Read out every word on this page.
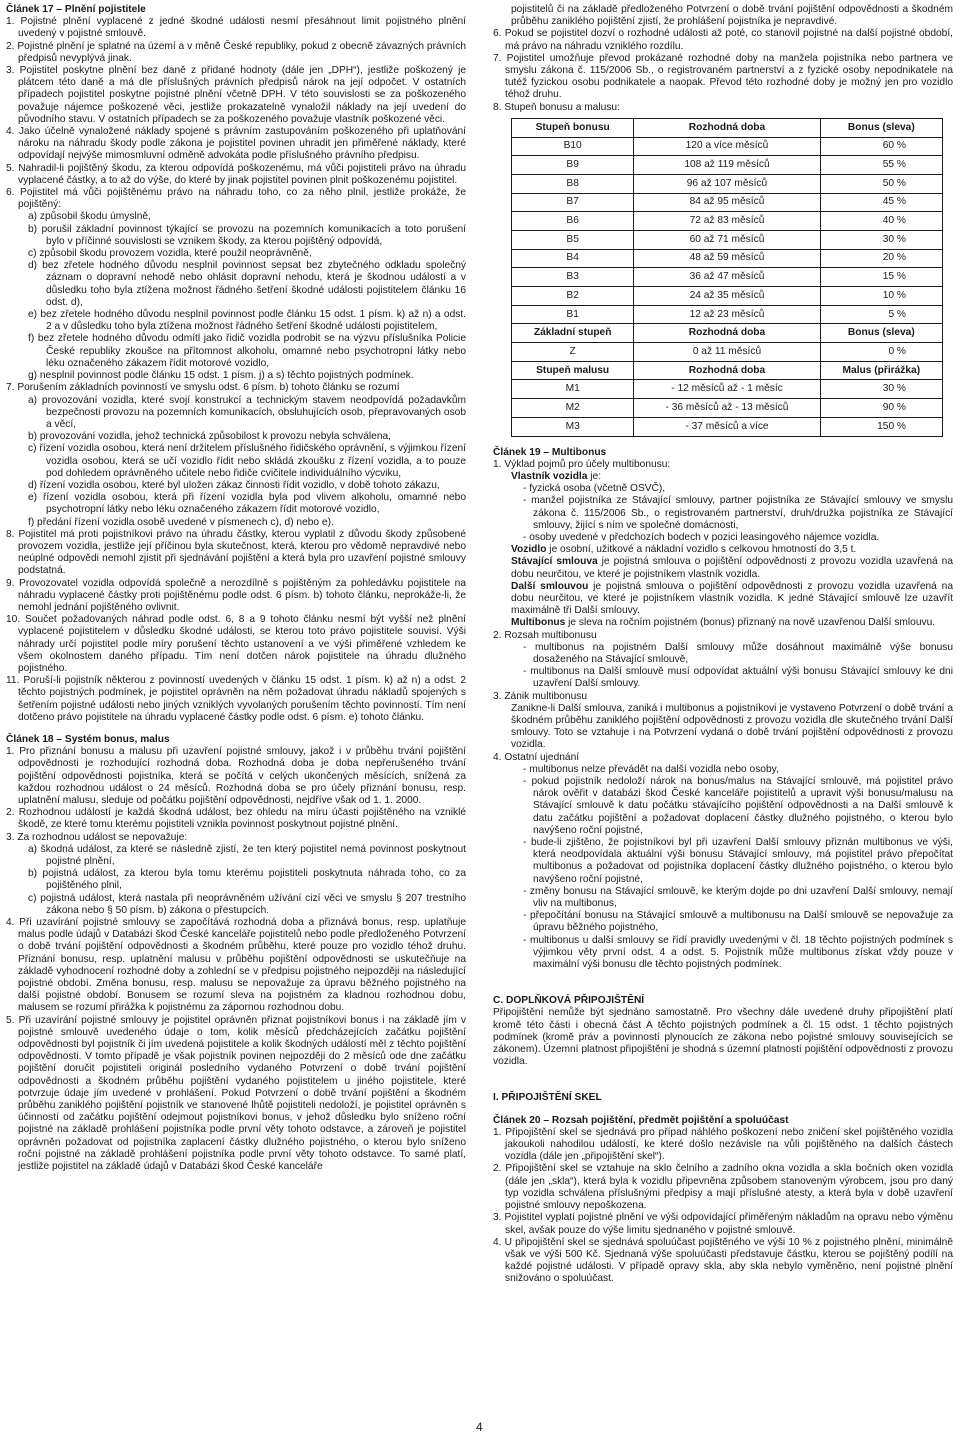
Článek 17 – Plnění pojistitele

1. Pojistné plnění vyplacené z jedné škodné události nesmí přesáhnout limit pojistného plnění uvedený v pojistné smlouvě.

2. Pojistné plnění je splatné na území a v měně České republiky, pokud z obecně závazných právních předpisů nevyplývá jinak.

3. Pojistitel poskytne plnění bez daně z přidané hodnoty (dále jen „DPH“), jestliže poškozený je plátcem této daně a má dle příslušných právních předpisů nárok na její odpočet. V ostatních případech pojistitel poskytne pojistné plnění včetně DPH. V této souvislosti se za poškozeného považuje nájemce poškozené věci, jestliže prokazatelně vynaložil náklady na její uvedení do původního stavu. V ostatních případech se za poškozeného považuje vlastník poškozené věci.

4. Jako účelně vynaložené náklady spojené s právním zastupováním poškozeného při uplatňování nároku na náhradu škody podle zákona je pojistitel povinen uhradit jen přiměřené náklady, které odpovídají nejvýše mimosmluvní odměně advokáta podle příslušného právního předpisu.

5. Nahradil-li pojištěný škodu, za kterou odpovídá poškozenému, má vůči pojistiteli právo na úhradu vyplacené částky, a to až do výše, do které by jinak pojistitel povinen plnit poškozenému pojistitel.

6. Pojistitel má vůči pojištěnému právo na náhradu toho, co za něho plnil, jestliže prokáže, že pojištěný:

a) způsobil škodu úmyslně,

b) porušil základní povinnost týkající se provozu na pozemních komunikacích a toto porušení bylo v příčinné souvislosti se vznikem škody, za kterou pojištěný odpovídá,

c) způsobil škodu provozem vozidla, které použil neoprávněně,

d) bez zřetele hodného důvodu nesplnil povinnost sepsat bez zbytečného odkladu společný záznam o dopravní nehodě nebo ohlásit dopravní nehodu, která je škodnou událostí a v důsledku toho byla ztížena možnost řádného šetření škodné události pojistitelem článku 16 odst. d),

e) bez zřetele hodného důvodu nesplnil povinnost podle článku 15 odst. 1 písm. k) až n) a odst. 2 a v důsledku toho byla ztížena možnost řádného šetření škodné události pojistitelem,

f) bez zřetele hodného důvodu odmítl jako řidič vozidla podrobit se na výzvu příslušníka Policie České republiky zkoušce na přítomnost alkoholu, omamné nebo psychotropní látky nebo léku označeného zákazem řídit motorové vozidlo,

g) nesplnil povinnost podle článku 15 odst. 1 písm. j) a s) těchto pojistných podmínek.

7. Porušením základních povinností ve smyslu odst. 6 písm. b) tohoto článku se rozumí

a) provozování vozidla, které svojí konstrukcí a technickým stavem neodpovídá požadavkům bezpečnosti provozu na pozemních komunikacích, obsluhujících osob, přepravovaných osob a věcí,

b) provozování vozidla, jehož technická způsobilost k provozu nebyla schválena,

c) řízení vozidla osobou, která není držitelem příslušného řidičského oprávnění, s výjimkou řízení vozidla osobou, která se učí vozidlo řídit nebo skládá zkoušku z řízení vozidla, a to pouze pod dohledem oprávněného učitele nebo řidiče cvičitele individuálního výcviku,

d) řízení vozidla osobou, které byl uložen zákaz činnosti řídit vozidlo, v době tohoto zákazu,

e) řízení vozidla osobou, která při řízení vozidla byla pod vlivem alkoholu, omamné nebo psychotropní látky nebo léku označeného zákazem řídit motorové vozidlo,

f) předání řízení vozidla osobě uvedené v písmenech c), d) nebo e).

8. Pojistitel má proti pojistníkovi právo na úhradu částky, kterou vyplatil z důvodu škody způsobené provozem vozidla, jestliže její příčinou byla skutečnost, která, kterou pro vědomě nepravdivé nebo neúplné odpovědi nemohl zjistit při sjednávání pojištění a která byla pro uzavření pojistné smlouvy podstatná.

9. Provozovatel vozidla odpovídá společně a nerozdílně s pojištěným za pohledávku pojistitele na náhradu vyplacené částky proti pojištěnému podle odst. 6 písm. b) tohoto článku, neprokáže-li, že nemohl jednání pojištěného ovlivnit.

10. Součet požadovaných náhrad podle odst. 6, 8 a 9 tohoto článku nesmí být vyšší než plnění vyplacené pojistitelem v důsledku škodné události, se kterou toto právo pojistitele souvisí. Výši náhrady určí pojistitel podle míry porušení těchto ustanovení a ve výši přiměřené vzhledem ke všem okolnostem daného případu. Tím není dotčen nárok pojistitele na úhradu dlužného pojistného.

11. Poruší-li pojistník některou z povinností uvedených v článku 15 odst. 1 písm. k) až n) a odst. 2 těchto pojistných podmínek, je pojistitel oprávněn na něm požadovat úhradu nákladů spojených s šetřením pojistné události nebo jiných vzniklých vyvolaných porušením těchto povinností. Tím není dotčeno právo pojistitele na úhradu vyplacené částky podle odst. 6 písm. e) tohoto článku.

Článek 18 – Systém bonus, malus

1. Pro přiznání bonusu a malusu při uzavření pojistné smlouvy, jakož i v průběhu trvání pojištění odpovědnosti je rozhodující rozhodná doba. Rozhodná doba je doba nepřerušeného trvání pojištění odpovědnosti pojistníka, která se počítá v celých ukončených měsících, snížená za každou rozhodnou událost o 24 měsíců. Rozhodná doba se pro účely přiznání bonusu, resp. uplatnění malusu, sleduje od počátku pojištění odpovědnosti, nejdříve však od 1. 1. 2000.

2. Rozhodnou událostí je každá škodná událost, bez ohledu na míru účasti pojištěného na vzniklé škodě, ze které tomu kterému pojistiteli vznikla povinnost poskytnout pojistné plnění.

3. Za rozhodnou událost se nepovažuje:

a) škodná událost, za které se následně zjistí, že ten který pojistitel nemá povinnost poskytnout pojistné plnění,

b) pojistná událost, za kterou byla tomu kterému pojistiteli poskytnuta náhrada toho, co za pojištěného plnil,

c) pojistná událost, která nastala při neoprávněném užívání cizí věci ve smyslu § 207 trestního zákona nebo § 50 písm. b) zákona o přestupcích.

4. Při uzavírání pojistné smlouvy se započítává rozhodná doba a přiznává bonus, resp. uplatňuje malus podle údajů v Databázi škod České kanceláře pojistitelů nebo podle předloženého Potvrzení o době trvání pojištění odpovědnosti a škodném průběhu, které pouze pro vozidlo téhož druhu. Přiznání bonusu, resp. uplatnění malusu v průběhu pojištění odpovědnosti se uskutečňuje na základě vyhodnocení rozhodné doby a zohlední se v předpisu pojistného nejpozději na následující pojistné období. Změna bonusu, resp. malusu se nepovažuje za úpravu běžného pojistného na další pojistné období. Bonusem se rozumí sleva na pojistném za kladnou rozhodnou dobu, malusem se rozumí přirážka k pojistnému za zápornou rozhodnou dobu.

5. Při uzavírání pojistné smlouvy je pojistitel oprávněn přiznat pojistníkovi bonus i na základě jím v pojistné smlouvě uvedeného údaje o tom, kolik měsíců předcházejících začátku pojištění odpovědnosti byl pojistník či jím uvedená pojistitele a kolik škodných událostí měl z těchto pojištění odpovědnosti. V tomto případě je však pojistník povinen nejpozději do 2 měsíců ode dne začátku pojištění doručit pojistiteli originál posledního vydaného Potvrzení o době trvání pojištění odpovědnosti a škodném průběhu pojištění vydaného pojistitelem u jiného pojistitele, které potvrzuje údaje jím uvedené v prohlášení. Pokud Potvrzení o době trvání pojištění a škodném průběhu zaniklého pojištění pojistník ve stanovené lhůtě pojistiteli nedoloží, je pojistitel oprávněn s účinností od začátku pojištění odejmout pojistníkovi bonus, v jehož důsledku bylo sníženo roční pojistné na základě prohlášení pojistníka podle první věty tohoto odstavce, a zároveň je pojistitel oprávněn požadovat od pojistníka zaplacení částky dlužného pojistného, o kterou bylo sníženo roční pojistné na základě prohlášení pojistníka podle první věty tohoto odstavce. To samé platí, jestliže pojistitel na základě údajů v Databázi škod České kanceláře

pojistitelů či na základě předloženého Potvrzení o době trvání pojištění odpovědnosti a škodném průběhu zaniklého pojištění zjistí, že prohlášení pojistníka je nepravdivé.

6. Pokud se pojistitel dozví o rozhodné události až poté, co stanovil pojistné na další pojistné období, má právo na náhradu vzniklého rozdílu.

7. Pojistitel umožňuje převod prokázané rozhodné doby na manžela pojistníka nebo partnera ve smyslu zákona č. 115/2006 Sb., o registrovaném partnerství a z fyzické osoby nepodnikatele na tutéž fyzickou osobu podnikatele a naopak. Převod této rozhodné doby je možný jen pro vozidlo téhož druhu.

8. Stupeň bonusu a malusu:

Stupeň bonusu	Rozhodná doba	Bonus (sleva)
B10	120 a více měsíců	60 %
B9	108 až 119 měsíců	55 %
B8	96 až 107 měsíců	50 %
B7	84 až 95 měsíců	45 %
B6	72 až 83 měsíců	40 %
B5	60 až 71 měsíců	30 %
B4	48 až 59 měsíců	20 %
B3	36 až 47 měsíců	15 %
B2	24 až 35 měsíců	10 %
B1	12 až 23 měsíců	5 %
Základní stupeň	Rozhodná doba	Bonus (sleva)
Z	0 až 11 měsíců	0 %
Stupeň malusu	Rozhodná doba	Malus (přirážka)
M1	- 12 měsíců až - 1 měsíc	30 %
M2	- 36 měsíců až - 13 měsíců	90 %
M3	- 37 měsíců a více	150 %

Článek 19 – Multibonus

1. Výklad pojmů pro účely multibonusu:

Vlastník vozidla je:

- fyzická osoba (včetně OSVČ),

- manžel pojistníka ze Stávající smlouvy, partner pojistníka ze Stávající smlouvy ve smyslu zákona č. 115/2006 Sb., o registrovaném partnerství, druh/družka pojistníka ze Stávající smlouvy, žijící s ním ve společné domácnosti,

- osoby uvedené v předchozích bodech v pozici leasingového nájemce vozidla.

Vozidlo je osobní, užitkové a nákladní vozidlo s celkovou hmotností do 3,5 t.

Stávající smlouva je pojistná smlouva o pojištění odpovědnosti z provozu vozidla uzavřená na dobu neurčitou, ve které je pojistníkem vlastník vozidla.

Další smlouvou je pojistná smlouva o pojištění odpovědnosti z provozu vozidla uzavřená na dobu neurčitou, ve které je pojistníkem vlastník vozidla. K jedné Stávající smlouvě lze uzavřít maximálně tři Další smlouvy.

Multibonus je sleva na ročním pojistném (bonus) přiznaný na nově uzavřenou Další smlouvu.

2. Rozsah multibonusu

- multibonus na pojistném Další smlouvy může dosáhnout maximálně výše bonusu dosaženého na Stávající smlouvě,

- multibonus na Další smlouvě musí odpovídat aktuální výši bonusu Stávající smlouvy ke dni uzavření Další smlouvy.

3. Zánik multibonusu

Zanikne-li Další smlouva, zaniká i multibonus a pojistníkovi je vystaveno Potvrzení o době trvání a škodném průběhu zaniklého pojištění odpovědnosti z provozu vozidla dle skutečného trvání Další smlouvy. Toto se vztahuje i na Potvrzení vydaná o době trvání pojištění odpovědnosti z provozu vozidla.

4. Ostatní ujednání

- multibonus nelze převádět na další vozidla nebo osoby,

- pokud pojistník nedoloží nárok na bonus/malus na Stávající smlouvě, má pojistitel právo nárok ověřit v databázi škod České kanceláře pojistitelů a upravit výši bonusu/malusu na Stávající smlouvě k datu počátku stávajícího pojištění odpovědnosti a na Další smlouvě k datu začátku pojištění a požadovat doplacení částky dlužného pojistného, o kterou bylo navýšeno roční pojistné,

- bude-li zjištěno, že pojistníkovi byl při uzavření Další smlouvy přiznán multibonus ve výši, která neodpovídala aktuální výši bonusu Stávající smlouvy, má pojistitel právo přepočítat multibonus a požadovat od pojistníka doplacení částky dlužného pojistného, o kterou bylo navýšeno roční pojistné,

- změny bonusu na Stávající smlouvě, ke kterým dojde po dni uzavření Další smlouvy, nemají vliv na multibonus,

- přepočítání bonusu na Stávající smlouvě a multibonusu na Další smlouvě se nepovažuje za úpravu běžného pojistného,

- multibonus u další smlouvy se řídí pravidly uvedenými v čl. 18 těchto pojistných podmínek s výjimkou věty první odst. 4 a odst. 5. Pojistník může multibonus získat vždy pouze v maximální výši bonusu dle těchto pojistných podmínek.

C. DOPLŇKOVÁ PŘIPOJIŠTĚNÍ

Připojištění nemůže být sjednáno samostatně. Pro všechny dále uvedené druhy připojištění platí kromě této části i obecná část A těchto pojistných podmínek a čl. 15 odst. 1 těchto pojistných podmínek (kromě práv a povinností plynoucích ze zákona nebo pojistné smlouvy souvisejících se zákonem). Územní platnost připojištění je shodná s územní platností pojištění odpovědnosti z provozu vozidla.

I. PŘIPOJIŠTĚNÍ SKEL

Článek 20 – Rozsah pojištění, předmět pojištění a spoluúčast

1. Připojištění skel se sjednává pro případ náhlého poškození nebo zničení skel pojištěného vozidla jakoukoli nahodilou událostí, ke které došlo nezávisle na vůli pojištěného na dalších částech vozidla (dále jen „připojištění skel“).

2. Připojištění skel se vztahuje na sklo čelního a zadního okna vozidla a skla bočních oken vozidla (dále jen „skla“), která byla k vozidlu připevněna způsobem stanoveným výrobcem, jsou pro daný typ vozidla schválena příslušnými předpisy a mají příslušné atesty, a která byla v době uzavření pojistné smlouvy nepoškozena.

3. Pojistitel vyplatí pojistné plnění ve výši odpovídající přiměřeným nákladům na opravu nebo výměnu skel, avšak pouze do výše limitu sjednaného v pojistné smlouvě.

4. U připojištění skel se sjednává spoluúčast pojištěného ve výši 10 % z pojistného plnění, minimálně však ve výši 500 Kč. Sjednaná výše spoluúčasti představuje částku, kterou se pojištěný podílí na každé pojistné události. V případě opravy skla, aby skla nebylo vyměněno, není pojistné plnění snižováno o spoluúčast.

4
